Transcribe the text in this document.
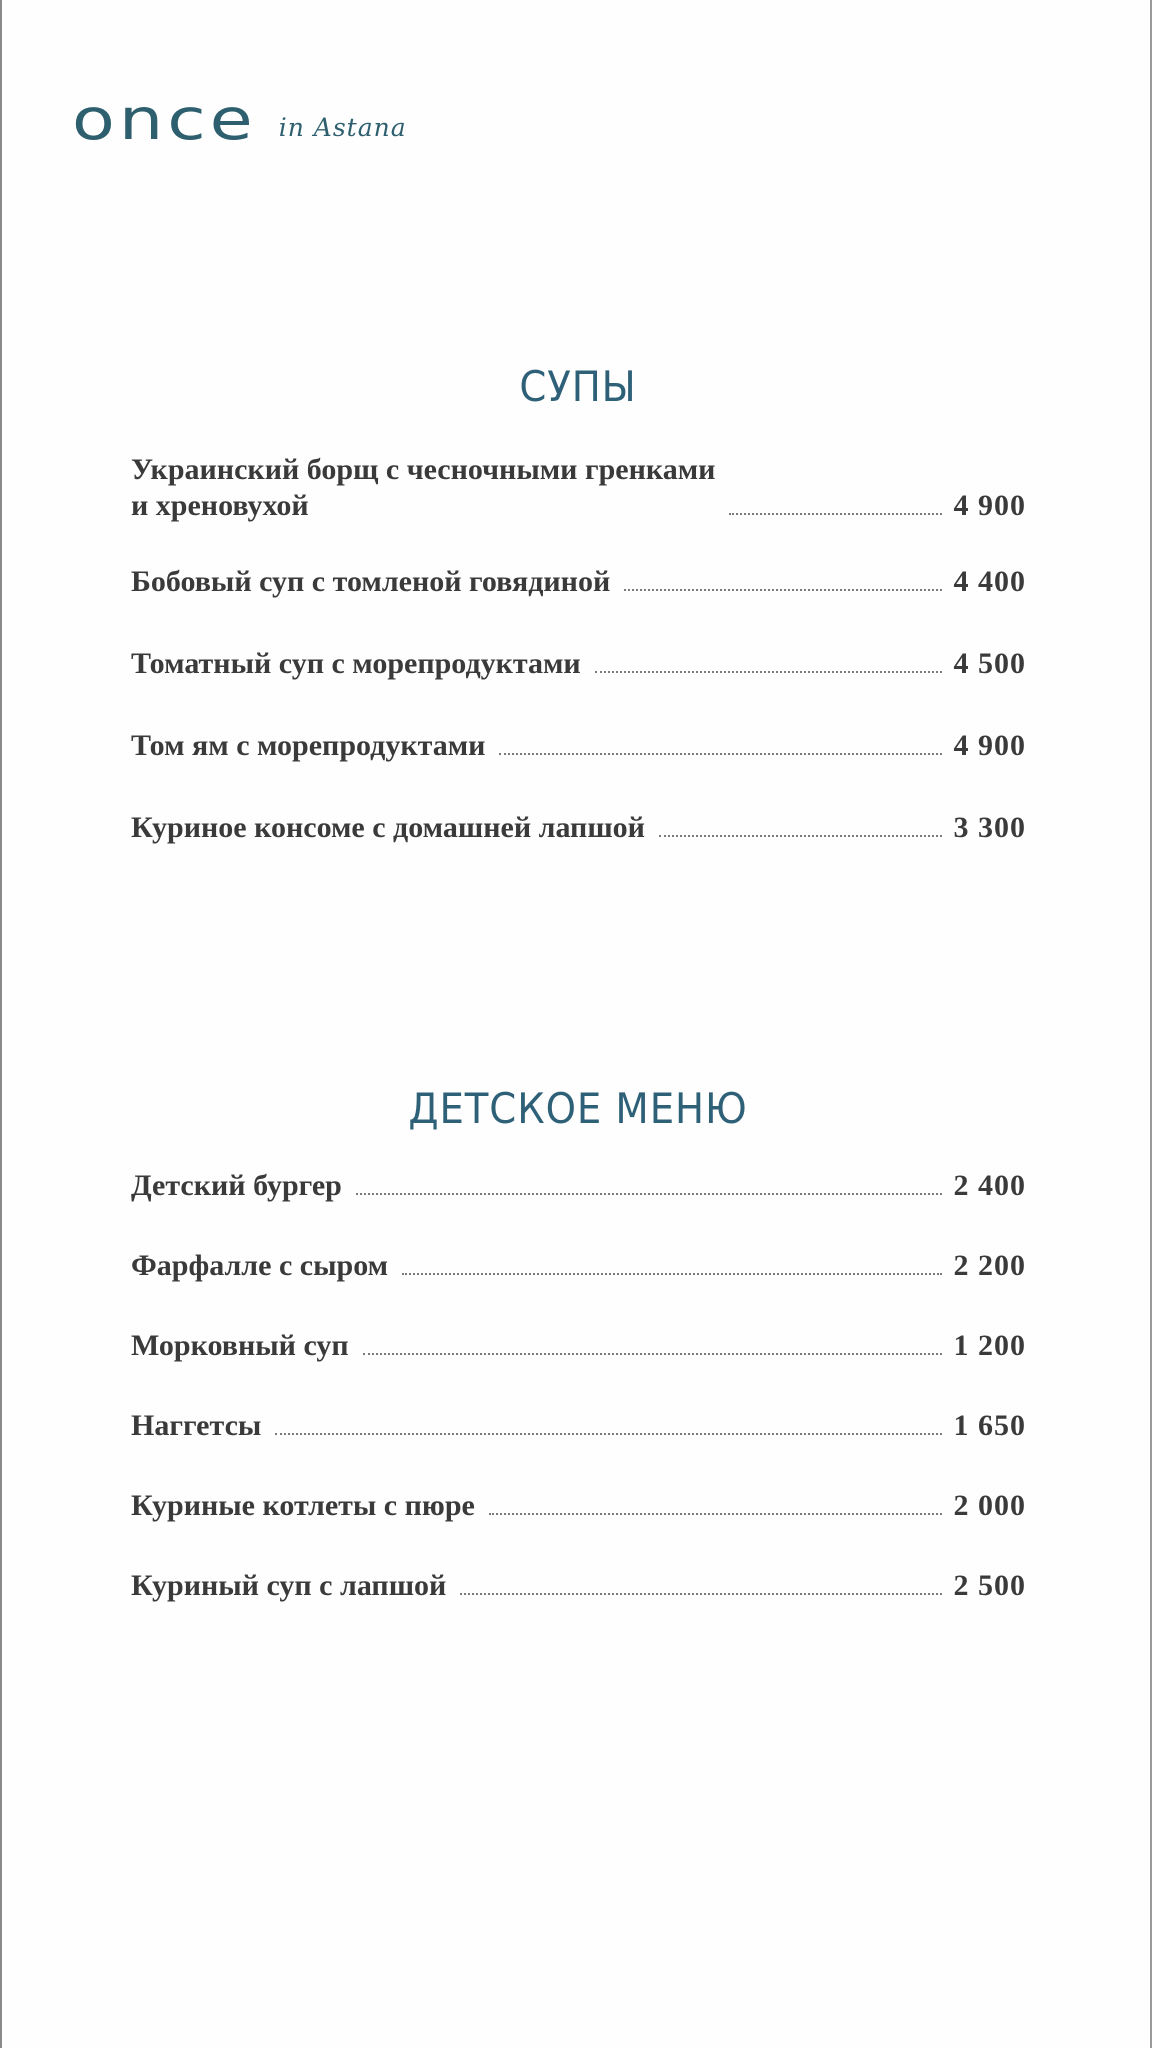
once in Astana
СУПЫ
Украинский борщ с чесночными гренками
и хреновухой	4 900
Бобовый суп с томленой говядиной	4 400
Томатный суп с морепродуктами	4 500
Том ям с морепродуктами	4 900
Куриное консоме с домашней лапшой	3 300
ДЕТСКОЕ МЕНЮ
Детский бургер	2 400
Фарфалле с сыром	2 200
Морковный суп	1 200
Наггетсы	1 650
Куриные котлеты с пюре	2 000
Куриный суп с лапшой	2 500
